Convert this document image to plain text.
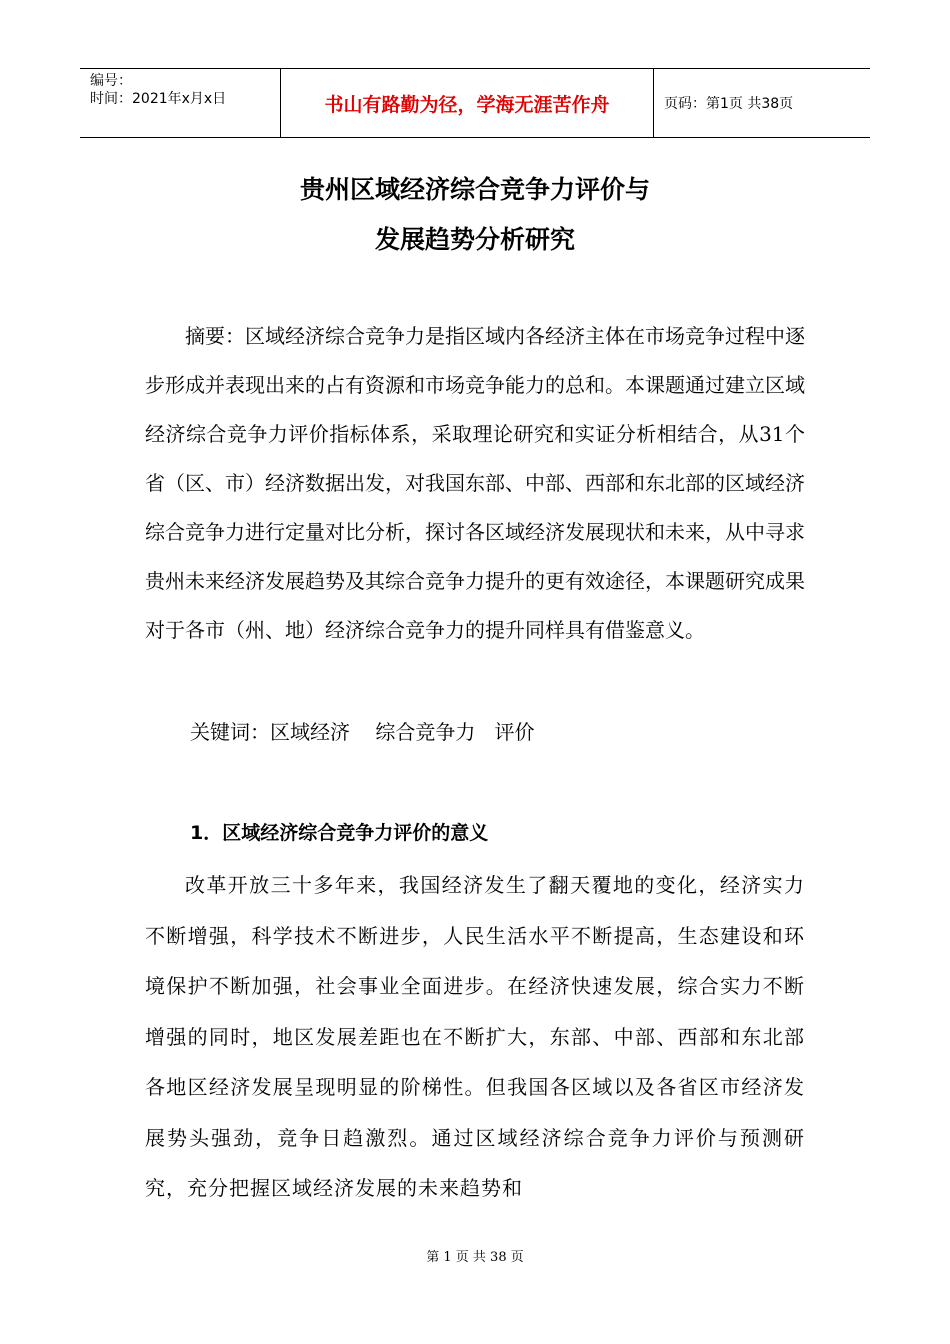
编号：
时间：2021年x月x日	书山有路勤为径，学海无涯苦作舟	页码：第1页 共38页
贵州区域经济综合竞争力评价与
发展趋势分析研究

摘要：区域经济综合竞争力是指区域内各经济主体在市场竞争过程中逐步形成并表现出来的占有资源和市场竞争能力的总和。本课题通过建立区域经济综合竞争力评价指标体系，采取理论研究和实证分析相结合，从31个省（区、市）经济数据出发，对我国东部、中部、西部和东北部的区域经济综合竞争力进行定量对比分析，探讨各区域经济发展现状和未来，从中寻求贵州未来经济发展趋势及其综合竞争力提升的更有效途径，本课题研究成果对于各市（州、地）经济综合竞争力的提升同样具有借鉴意义。

关键词：区域经济    综合竞争力   评价
1．区域经济综合竞争力评价的意义

改革开放三十多年来，我国经济发生了翻天覆地的变化，经济实力不断增强，科学技术不断进步，人民生活水平不断提高，生态建设和环境保护不断加强，社会事业全面进步。在经济快速发展，综合实力不断增强的同时，地区发展差距也在不断扩大，东部、中部、西部和东北部各地区经济发展呈现明显的阶梯性。但我国各区域以及各省区市经济发展势头强劲，竞争日趋激烈。通过区域经济综合竞争力评价与预测研究，充分把握区域经济发展的未来趋势和

第 1 页 共 38 页
